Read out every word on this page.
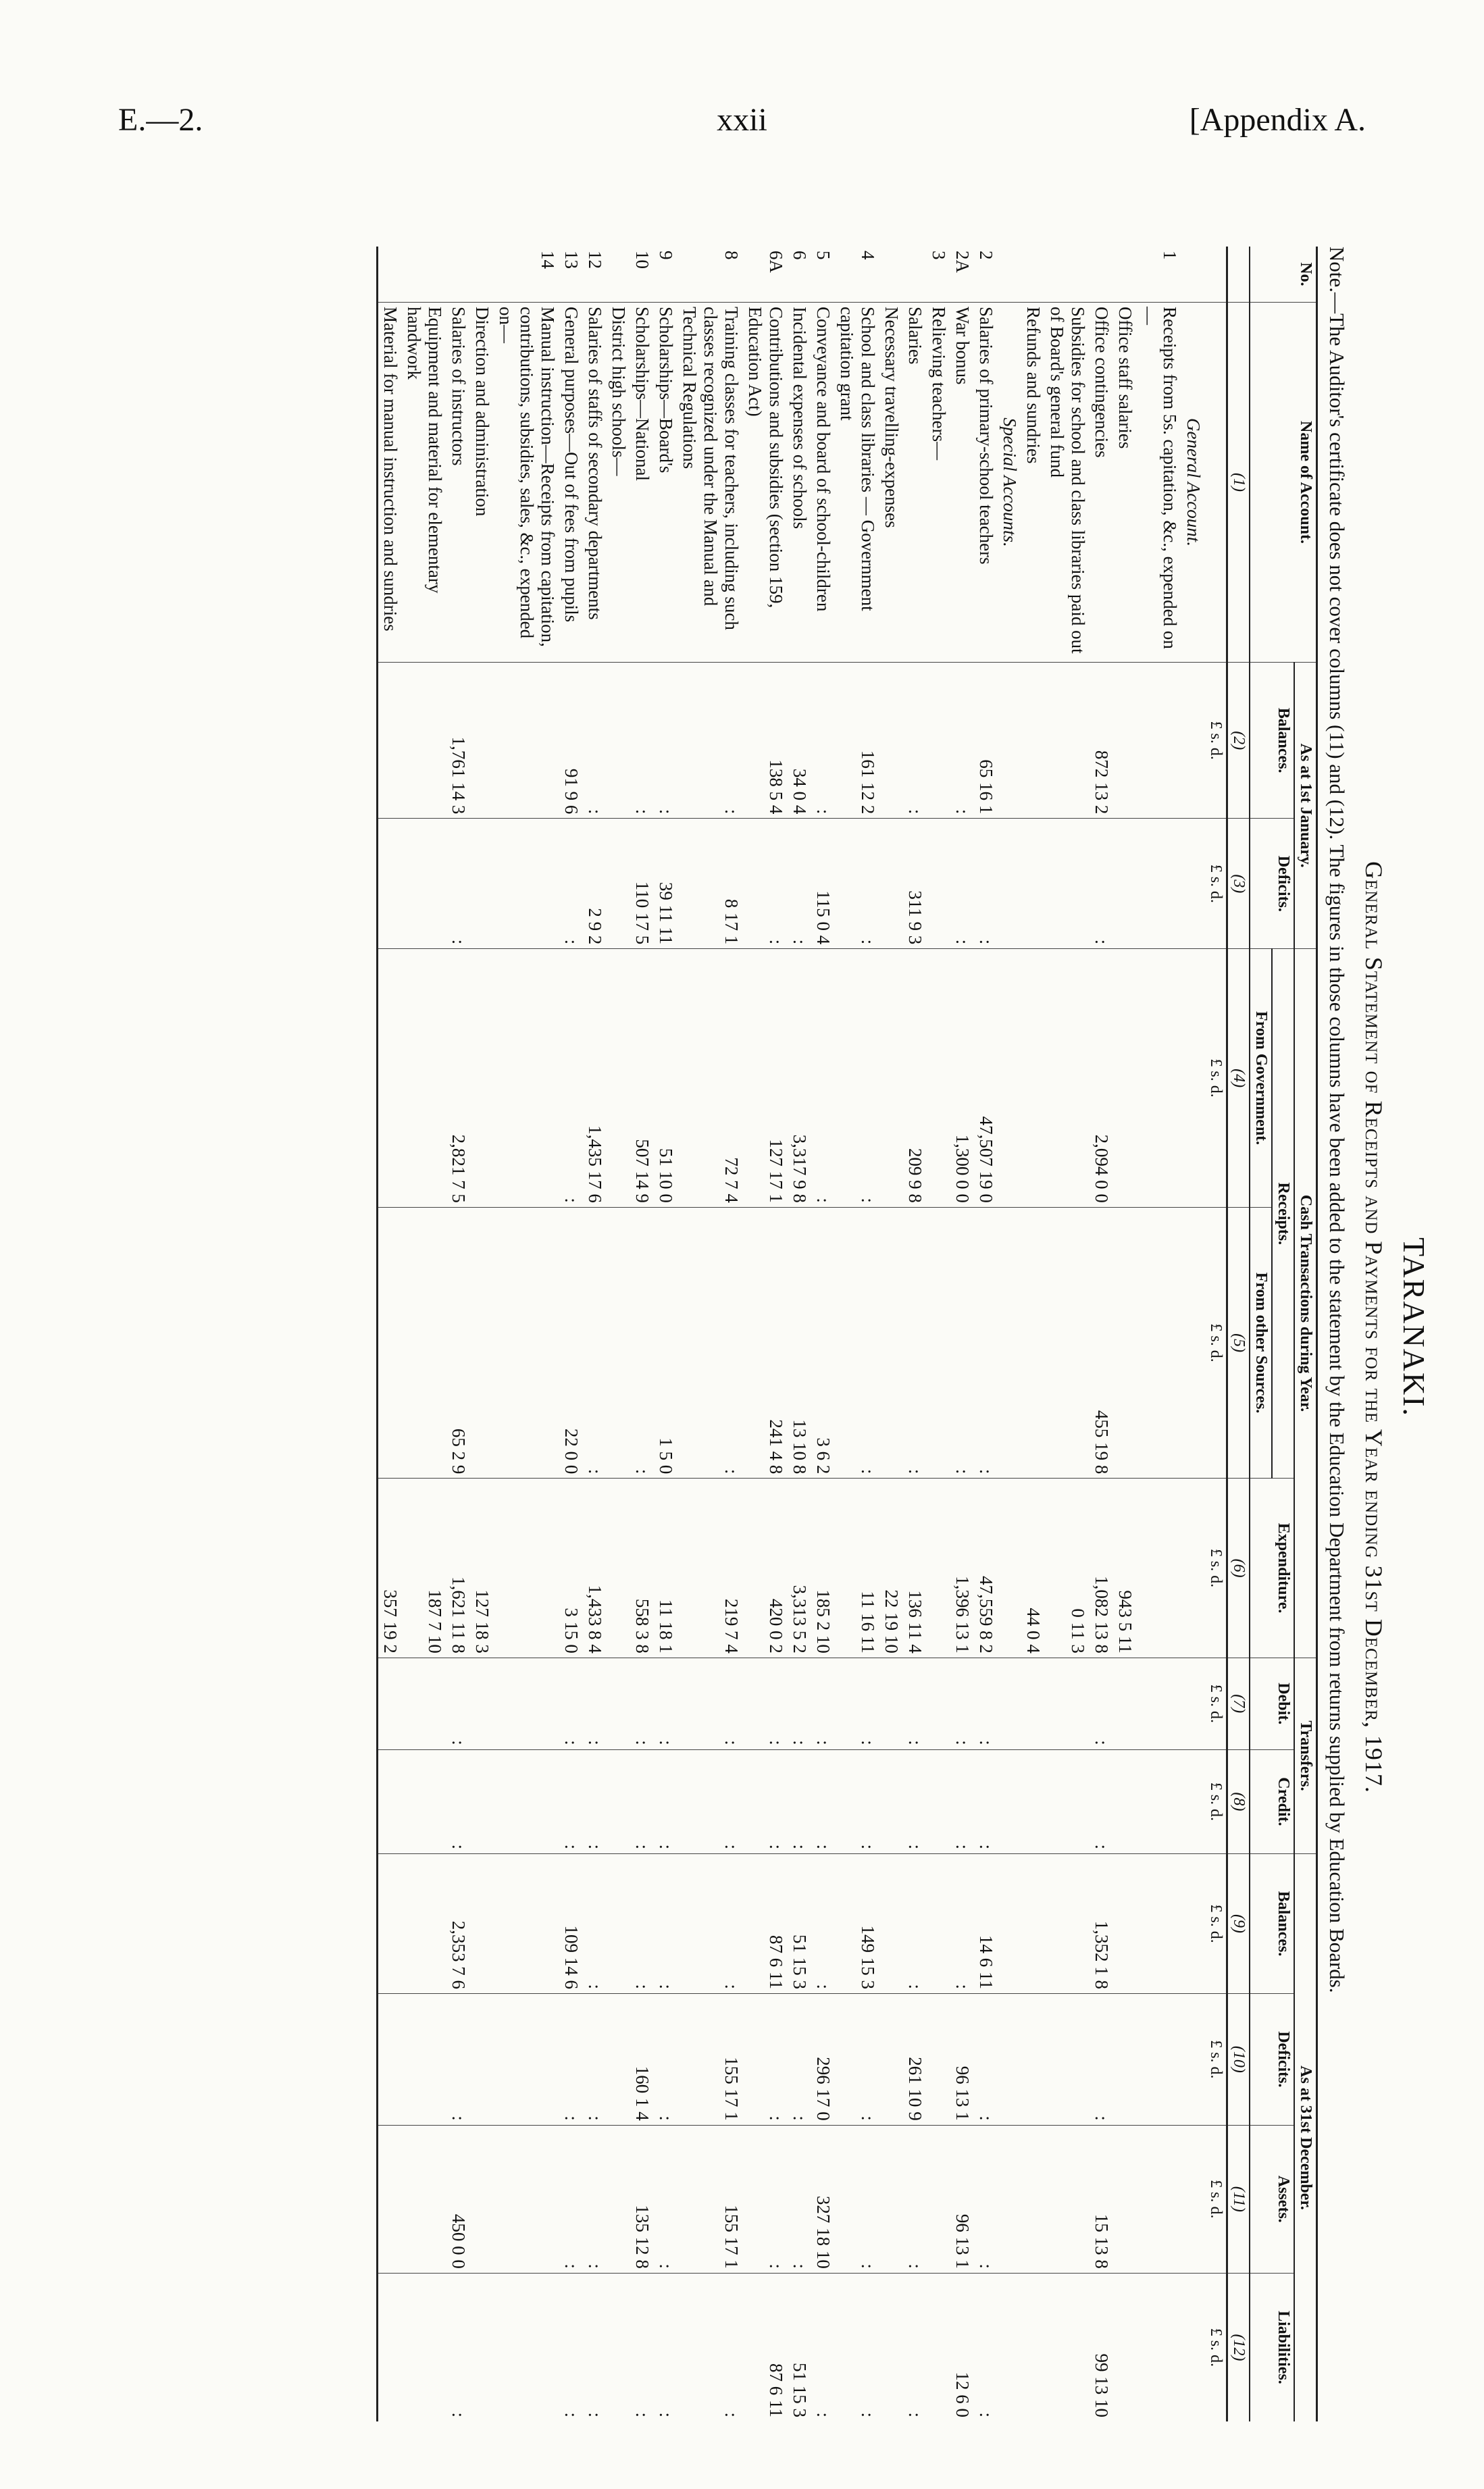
E.—2.	xxii	[Appendix A.
TARANAKI.
General Statement of Receipts and Payments for the Year ending 31st December, 1917.
Note.—The Auditor's certificate does not cover columns (11) and (12). The figures in those columns have been added to the statement by the Education Department from returns supplied by Education Boards.
No.	Name of Account.	As at 1st January.		Cash Transactions during Year.			Transfers.		As at 31st December.			
		Balances.	Deficits.	Receipts.		Expenditure.	Debit.	Credit.	Balances.	Deficits.	Assets.	Liabilities.
				From Government.	From other Sources.							
	(1)	(2)	(3)	(4)	(5)	(6)	(7)	(8)	(9)	(10)	(11)	(12)
		£ s. d.	£ s. d.	£ s. d.	£ s. d.	£ s. d.	£ s. d.	£ s. d.	£ s. d.	£ s. d.	£ s. d.	£ s. d.
	General Account.											
1	Receipts from 5s. capitation, &c., expended on—											
	Office staff salaries					943 5 11						
	Office contingencies	872 13 2	:	2,094 0 0	455 19 8	1,082 13 8	:	:	1,352 1 8	:	15 13 8	99 13 10
	Subsidies for school and class libraries paid out of Board's general fund					0 11 3						
	Refunds and sundries					44 0 4						
	Special Accounts.											
2	Salaries of primary-school teachers	65 16 1	:	47,507 19 0	:	47,559 8 2	:	:	14 6 11	:	:	:
2A	War bonus	:	:	1,300 0 0	:	1,396 13 1	:	:	:	96 13 1	96 13 1	12 6 0
3	Relieving teachers—											
	Salaries	:	311 9 3	209 9 8	:	136 11 4	:	:	:	261 10 9	:	:
	Necessary travelling-expenses					22 19 10						
4	School and class libraries — Government capitation grant	161 12 2	:	:	:	11 16 11	:	:	149 15 3	:	:	:
5	Conveyance and board of school-children	:	115 0 4	:	3 6 2	185 2 10	:	:	:	296 17 0	327 18 10	:
6	Incidental expenses of schools	34 0 4	:	3,317 9 8	13 10 8	3,313 5 2	:	:	51 15 3	:	:	51 15 3
6A	Contributions and subsidies (section 159, Education Act)	138 5 4	:	127 17 1	241 4 8	420 0 2	:	:	87 6 11	:	:	87 6 11
8	Training classes for teachers, including such classes recognized under the Manual and Technical Regulations	:	8 17 1	72 7 4	:	219 7 4	:	:	:	155 17 1	155 17 1	:
9	Scholarships—Board's	:	39 11 11	51 10 0	1 5 0	11 18 1	:	:	:	:	:	:
10	Scholarships—National	:	110 17 5	507 14 9	:	558 3 8	:	:	:	160 1 4	135 12 8	:
	District high schools—											
12	Salaries of staffs of secondary departments	:	2 9 2	1,435 17 6	:	1,433 8 4	:	:	:	:	:	:
13	General purposes—Out of fees from pupils	91 9 6	:	:	22 0 0	3 15 0	:	:	109 14 6	:	:	:
14	Manual instruction—Receipts from capitation, contributions, subsidies, sales, &c., expended on—											
	Direction and administration					127 18 3						
	Salaries of instructors	1,761 14 3	:	2,821 7 5	65 2 9	1,621 11 8	:	:	2,353 7 6	:	450 0 0	:
	Equipment and material for elementary handwork					187 7 10						
	Material for manual instruction and sundries					357 19 2						
